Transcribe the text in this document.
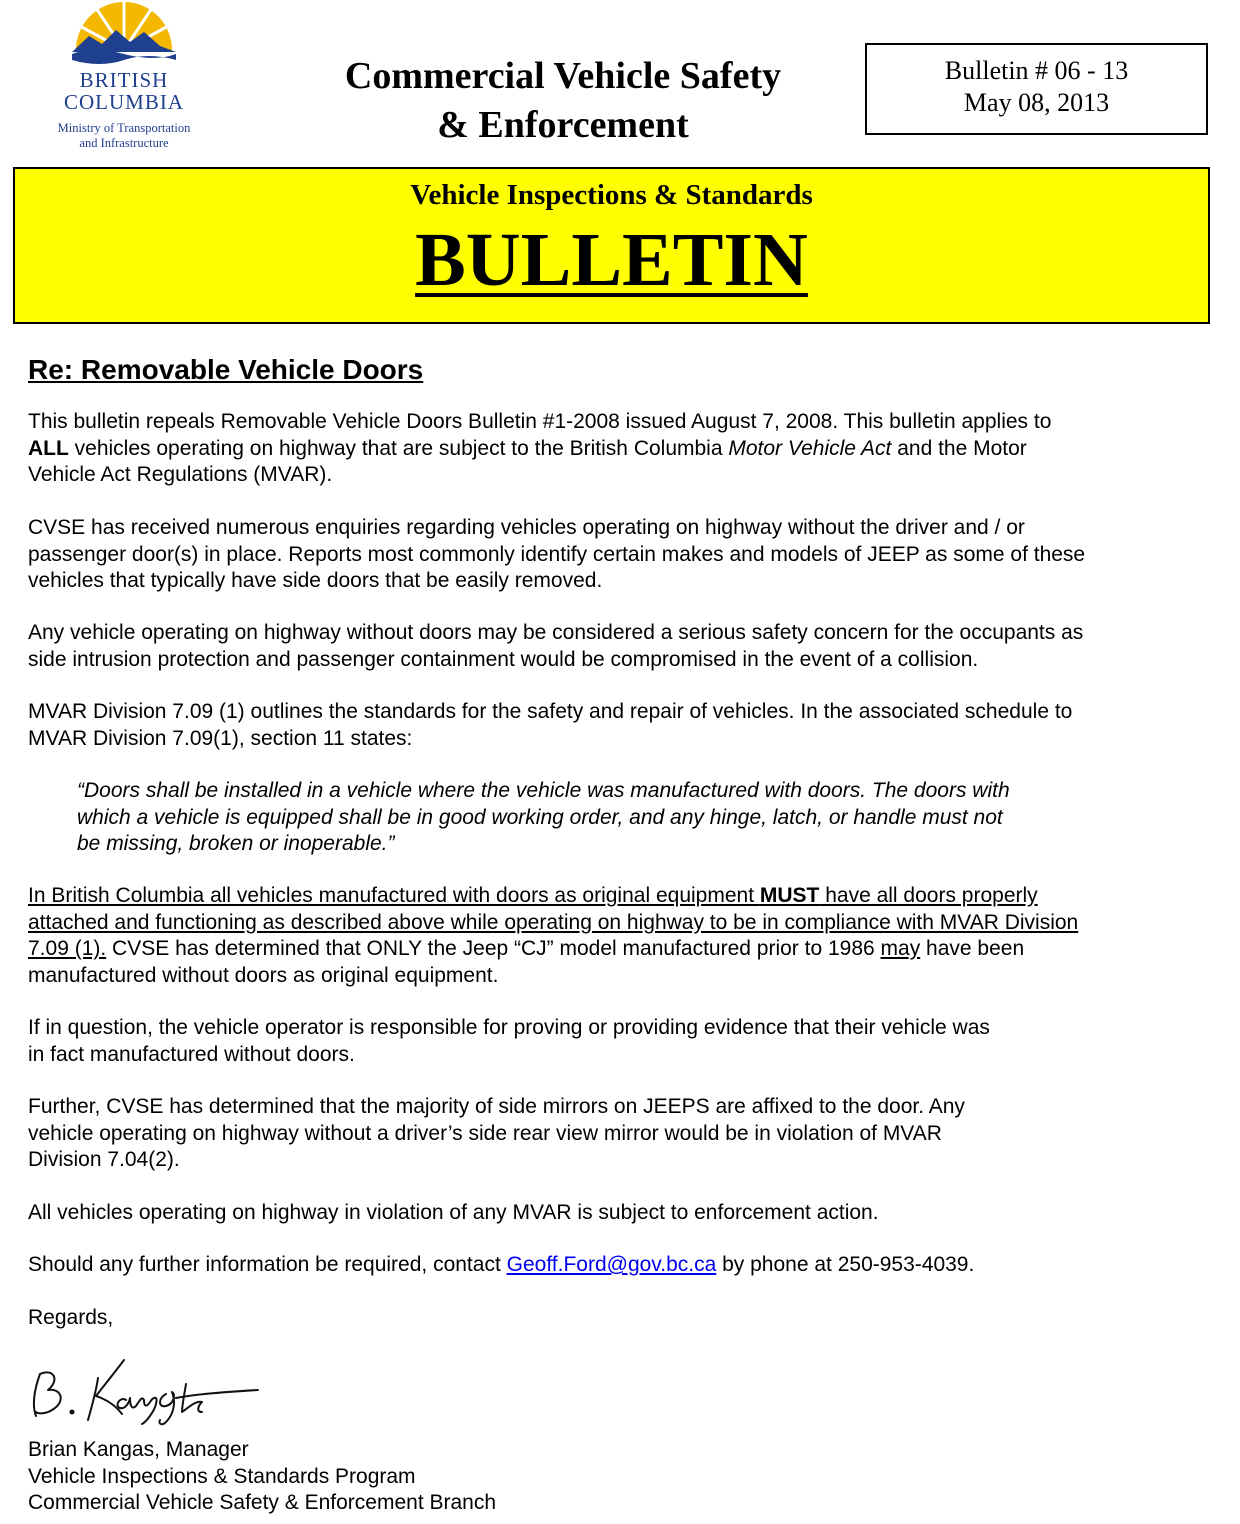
BRITISH
COLUMBIA
Ministry of Transportation
and Infrastructure
Commercial Vehicle Safety
& Enforcement
Bulletin # 06 - 13
May 08, 2013
Vehicle Inspections & Standards
BULLETIN
Re: Removable Vehicle Doors
This bulletin repeals Removable Vehicle Doors Bulletin #1-2008 issued August 7, 2008. This bulletin applies to
ALL vehicles operating on highway that are subject to the British Columbia Motor Vehicle Act and the Motor
Vehicle Act Regulations (MVAR).
CVSE has received numerous enquiries regarding vehicles operating on highway without the driver and / or
passenger door(s) in place. Reports most commonly identify certain makes and models of JEEP as some of these
vehicles that typically have side doors that be easily removed.
Any vehicle operating on highway without doors may be considered a serious safety concern for the occupants as
side intrusion protection and passenger containment would be compromised in the event of a collision.
MVAR Division 7.09 (1) outlines the standards for the safety and repair of vehicles. In the associated schedule to
MVAR Division 7.09(1), section 11 states:
“Doors shall be installed in a vehicle where the vehicle was manufactured with doors. The doors with
which a vehicle is equipped shall be in good working order, and any hinge, latch, or handle must not
be missing, broken or inoperable.”
In British Columbia all vehicles manufactured with doors as original equipment MUST have all doors properly
attached and functioning as described above while operating on highway to be in compliance with MVAR Division
7.09 (1). CVSE has determined that ONLY the Jeep “CJ” model manufactured prior to 1986 may have been
manufactured without doors as original equipment.
If in question, the vehicle operator is responsible for proving or providing evidence that their vehicle was
in fact manufactured without doors.
Further, CVSE has determined that the majority of side mirrors on JEEPS are affixed to the door. Any
vehicle operating on highway without a driver’s side rear view mirror would be in violation of MVAR
Division 7.04(2).
All vehicles operating on highway in violation of any MVAR is subject to enforcement action.
Should any further information be required, contact Geoff.Ford@gov.bc.ca by phone at 250-953-4039.
Regards,
Brian Kangas, Manager
Vehicle Inspections & Standards Program
Commercial Vehicle Safety & Enforcement Branch
